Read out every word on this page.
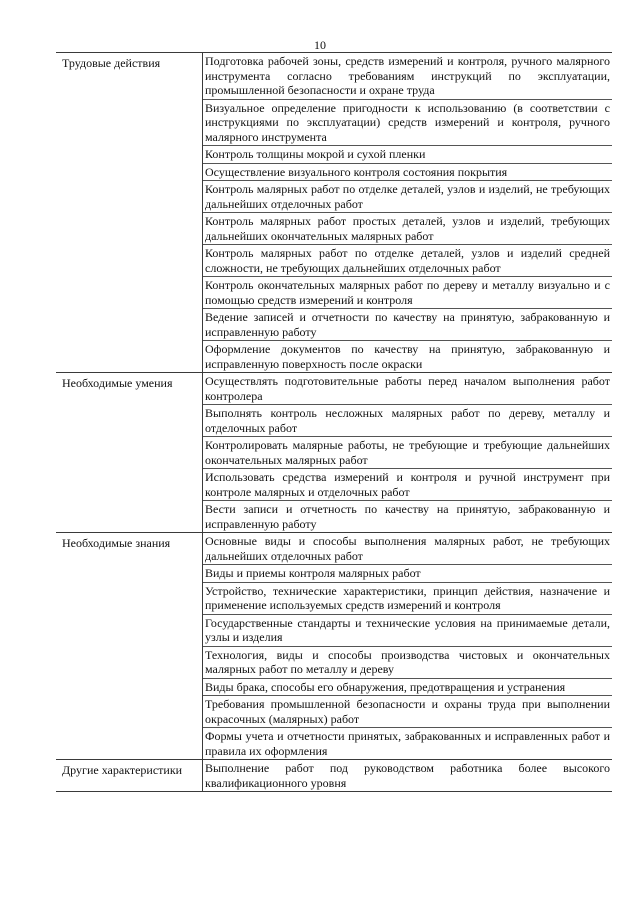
10
Трудовые действия	Подготовка рабочей зоны, средств измерений и контроля, ручного малярного инструмента согласно требованиям инструкций по эксплуатации, промышленной безопасности и охране труда
Визуальное определение пригодности к использованию (в соответствии с инструкциями по эксплуатации) средств измерений и контроля, ручного малярного инструмента
Контроль толщины мокрой и сухой пленки
Осуществление визуального контроля состояния покрытия
Контроль малярных работ по отделке деталей, узлов и изделий, не требующих дальнейших отделочных работ
Контроль малярных работ простых деталей, узлов и изделий, требующих дальнейших окончательных малярных работ
Контроль малярных работ по отделке деталей, узлов и изделий средней сложности, не требующих дальнейших отделочных работ
Контроль окончательных малярных работ по дереву и металлу визуально и с помощью средств измерений и контроля
Ведение записей и отчетности по качеству на принятую, забракованную и исправленную работу
Оформление документов по качеству на принятую, забракованную и исправленную поверхность после окраски
Необходимые умения	Осуществлять подготовительные работы перед началом выполнения работ контролера
Выполнять контроль несложных малярных работ по дереву, металлу и отделочных работ
Контролировать малярные работы, не требующие и требующие дальнейших окончательных малярных работ
Использовать средства измерений и контроля и ручной инструмент при контроле малярных и отделочных работ
Вести записи и отчетность по качеству на принятую, забракованную и исправленную работу
Необходимые знания	Основные виды и способы выполнения малярных работ, не требующих дальнейших отделочных работ
Виды и приемы контроля малярных работ
Устройство, технические характеристики, принцип действия, назначение и применение используемых средств измерений и контроля
Государственные стандарты и технические условия на принимаемые детали, узлы и изделия
Технология, виды и способы производства чистовых и окончательных малярных работ по металлу и дереву
Виды брака, способы его обнаружения, предотвращения и устранения
Требования промышленной безопасности и охраны труда при выполнении окрасочных (малярных) работ
Формы учета и отчетности принятых, забракованных и исправленных работ и правила их оформления
Другие характеристики	Выполнение работ под руководством работника более высокого квалификационного уровня
